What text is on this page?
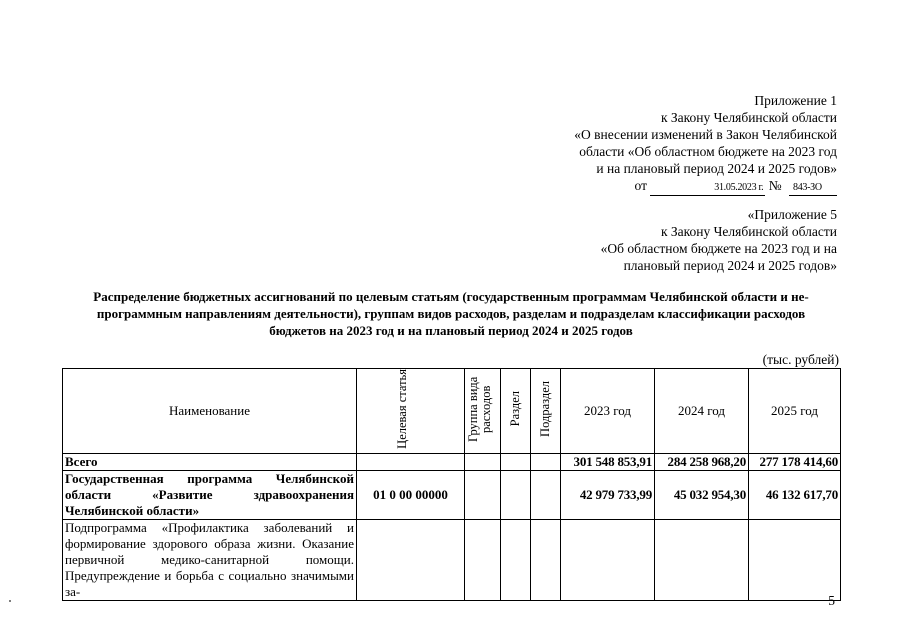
Приложение 1
к Закону Челябинской области
«О внесении изменений в Закон Челябинской
области «Об областном бюджете на 2023 год
и на плановый период 2024 и 2025 годов»
от	31.05.2023 г. № 843-ЗО
«Приложение 5
к Закону Челябинской области
«Об областном бюджете на 2023 год и на
плановый период 2024 и 2025 годов»
Распределение бюджетных ассигнований по целевым статьям (государственным программам Челябинской области и не-
программным направлениям деятельности), группам видов расходов, разделам и подразделам классификации расходов
бюджетов на 2023 год и на плановый период 2024 и 2025 годов
(тыс. рублей)
Наименование	Целевая статья	Группа вида расходов	Раздел	Подраздел	2023 год	2024 год	2025 год
Всего					301 548 853,91	284 258 968,20	277 178 414,60
Государственная программа Челябинской области «Развитие здравоохранения Челябинской области»	01 0 00 00000				42 979 733,99	45 032 954,30	46 132 617,70
Подпрограмма «Профилактика заболеваний и формирование здорового образа жизни. Оказание первичной медико-санитарной помощи. Предупреждение и борьба с социально значимыми за-							
5
